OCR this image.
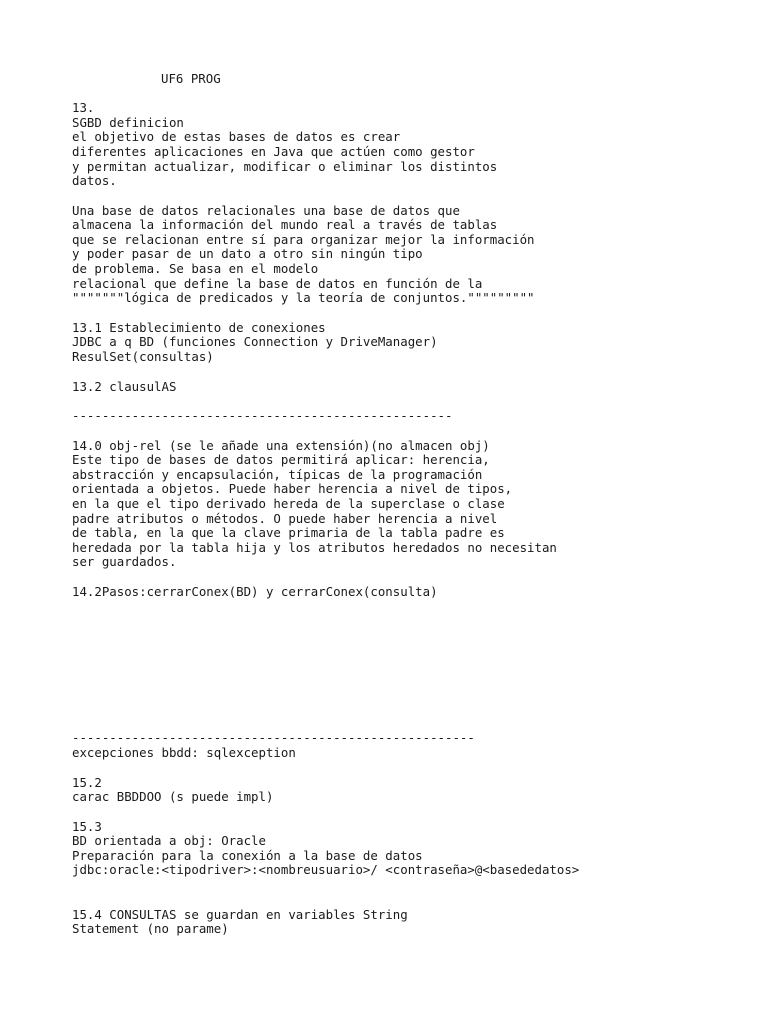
UF6 PROG
13.
SGBD definicion
el objetivo de estas bases de datos es crear
diferentes aplicaciones en Java que actúen como gestor
y permitan actualizar, modificar o eliminar los distintos
datos.
Una base de datos relacionales una base de datos que
almacena la información del mundo real a través de tablas
que se relacionan entre sí para organizar mejor la información
y poder pasar de un dato a otro sin ningún tipo
de problema. Se basa en el modelo
relacional que define la base de datos en función de la
"""""""lógica de predicados y la teoría de conjuntos."""""""""
13.1 Establecimiento de conexiones
JDBC a q BD (funciones Connection y DriveManager)
ResulSet(consultas)
13.2 clausulAS
---------------------------------------------------
14.0 obj-rel (se le añade una extensión)(no almacen obj)
Este tipo de bases de datos permitirá aplicar: herencia,
abstracción y encapsulación, típicas de la programación
orientada a objetos. Puede haber herencia a nivel de tipos,
en la que el tipo derivado hereda de la superclase o clase
padre atributos o métodos. O puede haber herencia a nivel
de tabla, en la que la clave primaria de la tabla padre es
heredada por la tabla hija y los atributos heredados no necesitan
ser guardados.
14.2Pasos:cerrarConex(BD) y cerrarConex(consulta)
------------------------------------------------------
excepciones bbdd: sqlexception
15.2
carac BBDDOO (s puede impl)
15.3
BD orientada a obj: Oracle
Preparación para la conexión a la base de datos
jdbc:oracle:<tipodriver>:<nombreusuario>/ <contraseña>@<basededatos>
15.4 CONSULTAS se guardan en variables String
Statement (no parame)
